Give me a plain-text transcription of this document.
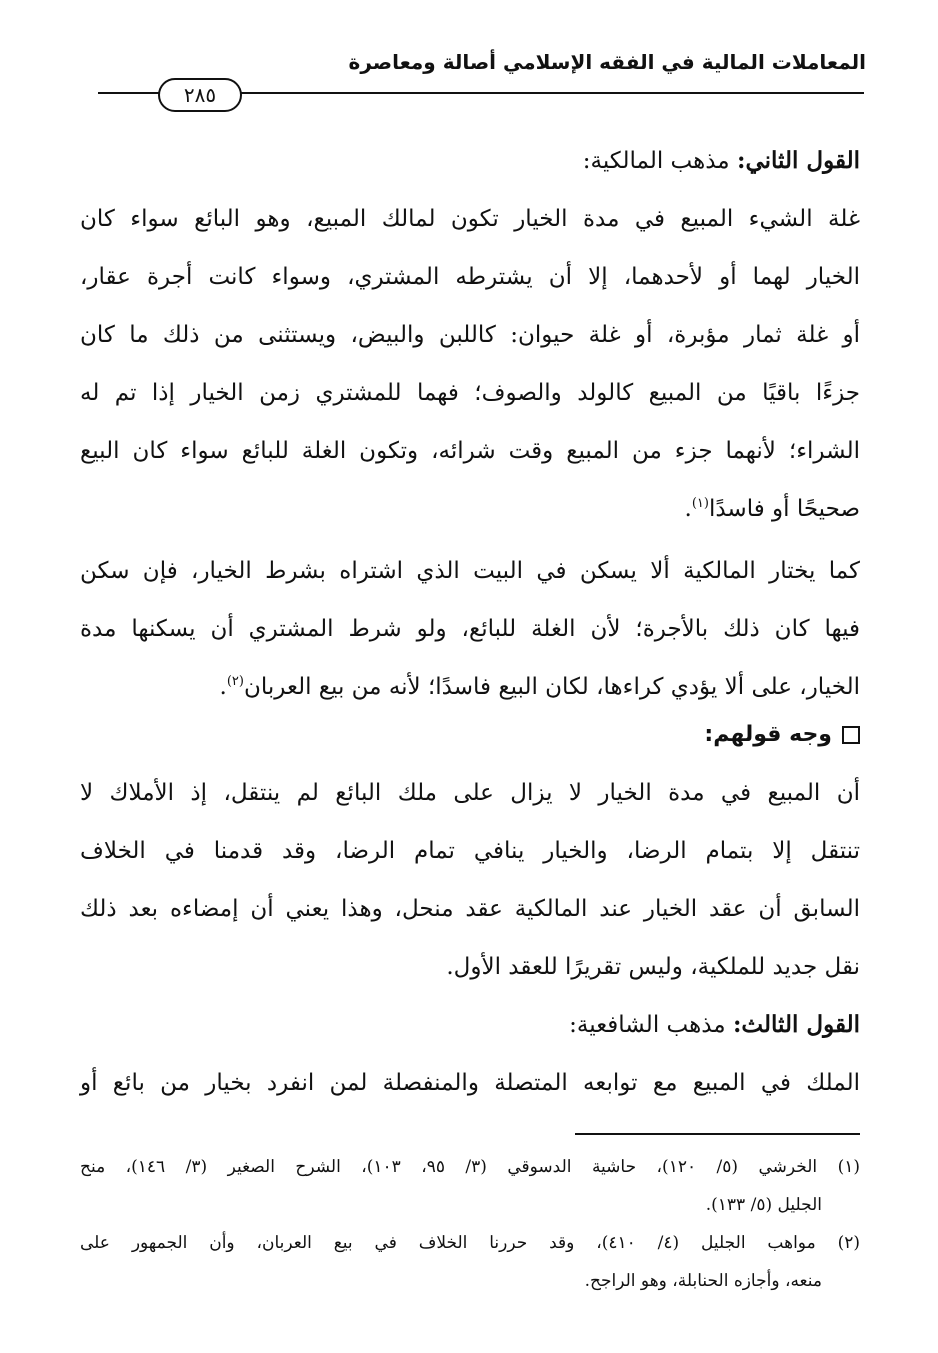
المعاملات المالية في الفقه الإسلامي أصالة ومعاصرة
٢٨٥
القول الثاني: مذهب المالكية:
غلة الشيء المبيع في مدة الخيار تكون لمالك المبيع، وهو البائع سواء كان
الخيار لهما أو لأحدهما، إلا أن يشترطه المشتري، وسواء كانت أجرة عقار،
أو غلة ثمار مؤبرة، أو غلة حيوان: كاللبن والبيض، ويستثنى من ذلك ما كان
جزءًا باقيًا من المبيع كالولد والصوف؛ فهما للمشتري زمن الخيار إذا تم له
الشراء؛ لأنهما جزء من المبيع وقت شرائه، وتكون الغلة للبائع سواء كان البيع
صحيحًا أو فاسدًا$^{(١)}$.
كما يختار المالكية ألا يسكن في البيت الذي اشتراه بشرط الخيار، فإن سكن
فيها كان ذلك بالأجرة؛ لأن الغلة للبائع، ولو شرط المشتري أن يسكنها مدة
الخيار، على ألا يؤدي كراءها، لكان البيع فاسدًا؛ لأنه من بيع العربان$^{(٢)}$.
وجه قولهم:
أن المبيع في مدة الخيار لا يزال على ملك البائع لم ينتقل، إذ الأملاك لا
تنتقل إلا بتمام الرضا، والخيار ينافي تمام الرضا، وقد قدمنا في الخلاف
السابق أن عقد الخيار عند المالكية عقد منحل، وهذا يعني أن إمضاءه بعد ذلك
نقل جديد للملكية، وليس تقريرًا للعقد الأول.
القول الثالث: مذهب الشافعية:
الملك في المبيع مع توابعه المتصلة والمنفصلة لمن انفرد بخيار من بائع أو
(١) الخرشي (٥/ ١٢٠)، حاشية الدسوقي (٣/ ٩٥، ١٠٣)، الشرح الصغير (٣/ ١٤٦)، منح
الجليل (٥/ ١٣٣).
(٢) مواهب الجليل (٤/ ٤١٠)، وقد حررنا الخلاف في بيع العربان، وأن الجمهور على
منعه، وأجازه الحنابلة، وهو الراجح.
